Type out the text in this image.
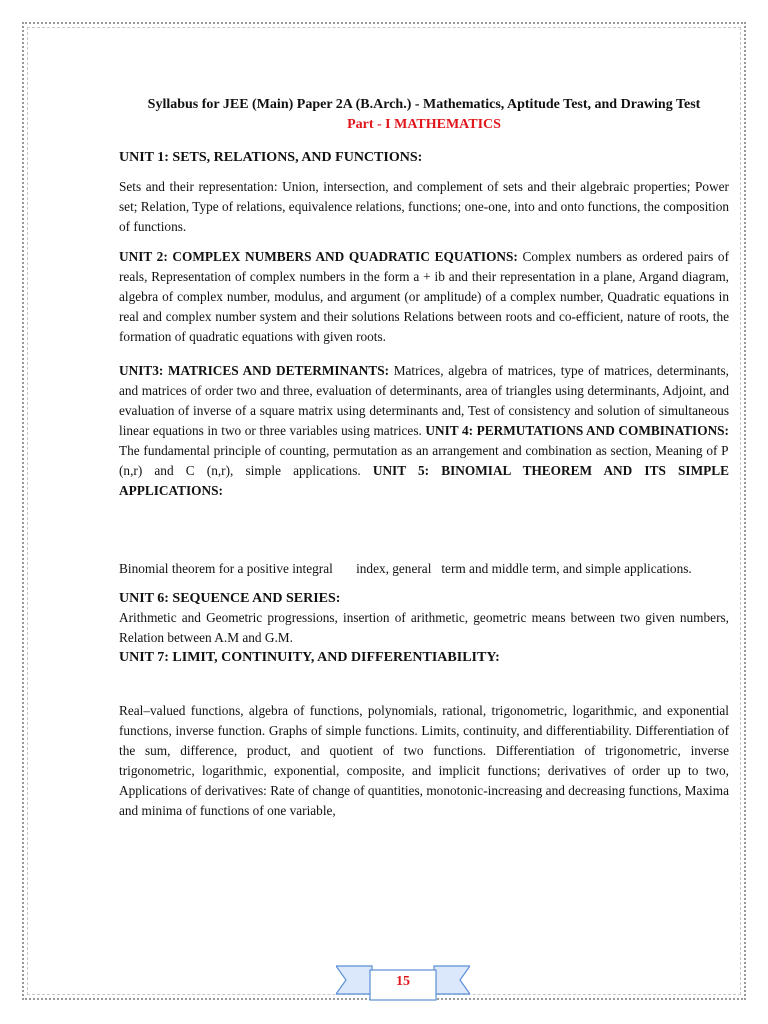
Syllabus for JEE (Main) Paper 2A (B.Arch.) - Mathematics, Aptitude Test, and Drawing Test

Part - I MATHEMATICS

UNIT 1: SETS, RELATIONS, AND FUNCTIONS:

Sets and their representation: Union, intersection, and complement of sets and their algebraic properties; Power set; Relation, Type of relations, equivalence relations, functions; one-one, into and onto functions, the composition of functions.

UNIT 2: COMPLEX NUMBERS AND QUADRATIC EQUATIONS: Complex numbers as ordered pairs of reals, Representation of complex numbers in the form a + ib and their representation in a plane, Argand diagram, algebra of complex number, modulus, and argument (or amplitude) of a complex number, Quadratic equations in real and complex number system and their solutions Relations between roots and co-efficient, nature of roots, the formation of quadratic equations with given roots.

UNIT3: MATRICES AND DETERMINANTS: Matrices, algebra of matrices, type of matrices, determinants, and matrices of order two and three, evaluation of determinants, area of triangles using determinants, Adjoint, and evaluation of inverse of a square matrix using determinants and, Test of consistency and solution of simultaneous linear equations in two or three variables using matrices. UNIT 4: PERMUTATIONS AND COMBINATIONS: The fundamental principle of counting, permutation as an arrangement and combination as section, Meaning of P (n,r) and C (n,r), simple applications. UNIT 5: BINOMIAL THEOREM AND ITS SIMPLE APPLICATIONS:

Binomial theorem for a positive integral       index, general   term and middle term, and simple applications.

UNIT 6: SEQUENCE AND SERIES:

Arithmetic and Geometric progressions, insertion of arithmetic, geometric means between two given numbers, Relation between A.M and G.M.

UNIT 7: LIMIT, CONTINUITY, AND DIFFERENTIABILITY:

Real–valued functions, algebra of functions, polynomials, rational, trigonometric, logarithmic, and exponential functions, inverse function. Graphs of simple functions. Limits, continuity, and differentiability. Differentiation of the sum, difference, product, and quotient of two functions. Differentiation of trigonometric, inverse trigonometric, logarithmic, exponential, composite, and implicit functions; derivatives of order up to two, Applications of derivatives: Rate of change of quantities, monotonic-increasing and decreasing functions, Maxima and minima of functions of one variable,

15
